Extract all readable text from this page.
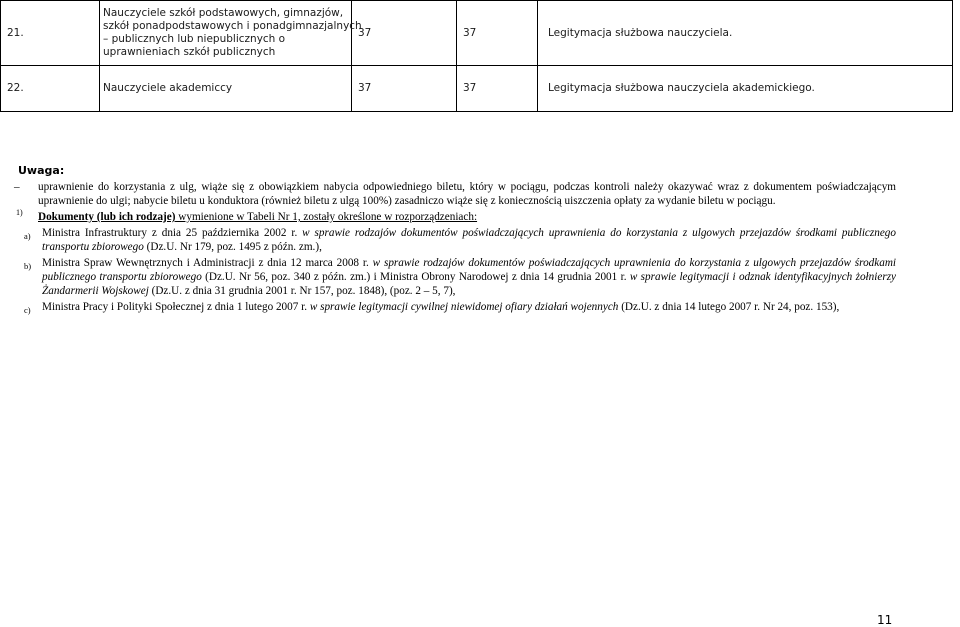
21.	Nauczyciele szkół podstawowych, gimnazjów,
szkół ponadpodstawowych i ponadgimnazjalnych
– publicznych lub niepublicznych o
uprawnieniach szkół publicznych	37	37	Legitymacja służbowa nauczyciela.
22.	Nauczyciele akademiccy	37	37	Legitymacja służbowa nauczyciela akademickiego.
Uwaga:
– uprawnienie do korzystania z ulg, wiąże się z obowiązkiem nabycia odpowiedniego biletu, który w pociągu, podczas kontroli należy okazywać wraz z dokumentem poświadczającym uprawnienie do ulgi; nabycie biletu u konduktora (również biletu z ulgą 100%) zasadniczo wiąże się z koniecznością uiszczenia opłaty za wydanie biletu w pociągu.
1) Dokumenty (lub ich rodzaje) wymienione w Tabeli Nr 1, zostały określone w rozporządzeniach:
a) Ministra Infrastruktury z dnia 25 października 2002 r. w sprawie rodzajów dokumentów poświadczających uprawnienia do korzystania z ulgowych przejazdów środkami publicznego transportu zbiorowego (Dz.U. Nr 179, poz. 1495 z późn. zm.),
b) Ministra Spraw Wewnętrznych i Administracji z dnia 12 marca 2008 r. w sprawie rodzajów dokumentów poświadczających uprawnienia do korzystania z ulgowych przejazdów środkami publicznego transportu zbiorowego (Dz.U. Nr 56, poz. 340 z późn. zm.) i Ministra Obrony Narodowej z dnia 14 grudnia 2001 r. w sprawie legitymacji i odznak identyfikacyjnych żołnierzy Żandarmerii Wojskowej (Dz.U. z dnia 31 grudnia 2001 r. Nr 157, poz. 1848), (poz. 2 – 5, 7),
c) Ministra Pracy i Polityki Społecznej z dnia 1 lutego 2007 r. w sprawie legitymacji cywilnej niewidomej ofiary działań wojennych (Dz.U. z dnia 14 lutego 2007 r. Nr 24, poz. 153),
11
